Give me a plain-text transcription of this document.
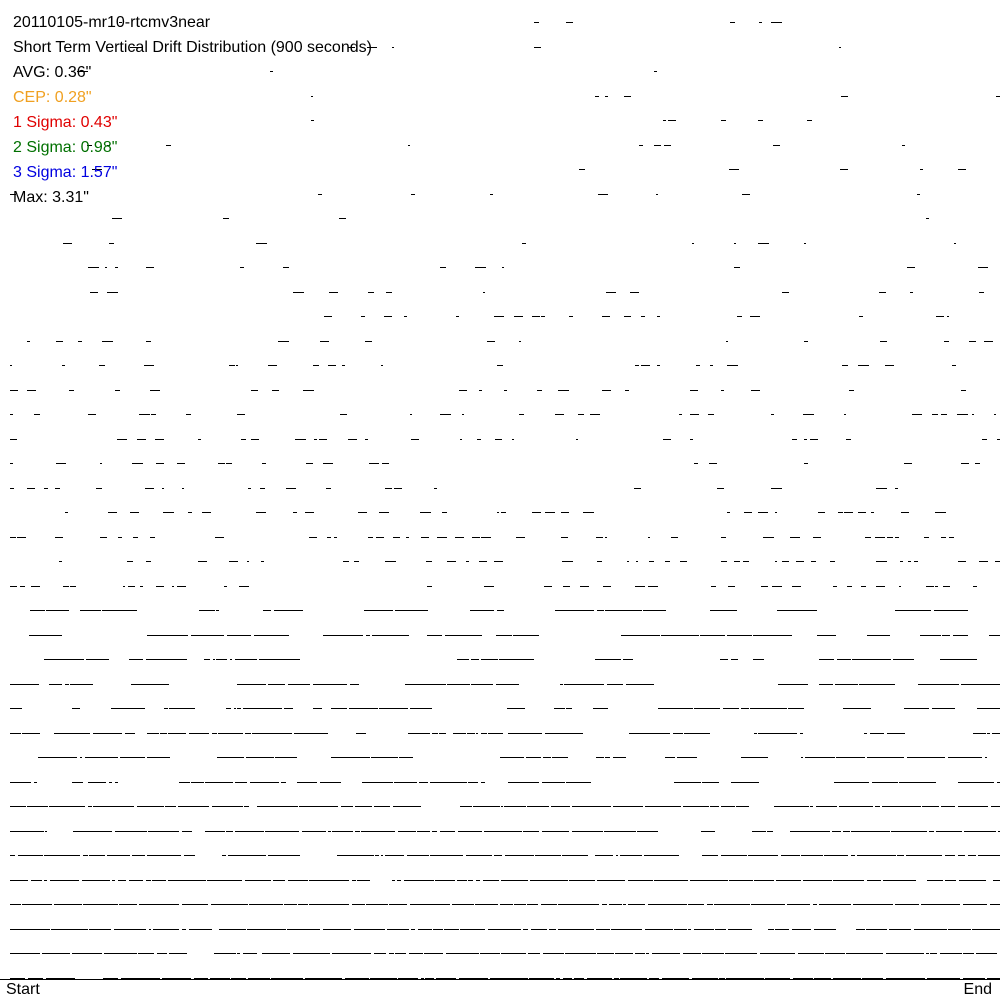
20110105-mr10-rtcmv3near
Short Term Vertical Drift Distribution (900 seconds)
AVG: 0.36"
CEP: 0.28"
1 Sigma: 0.43"
2 Sigma: 0.98"
3 Sigma: 1.57"
Max: 3.31"
Start	End
